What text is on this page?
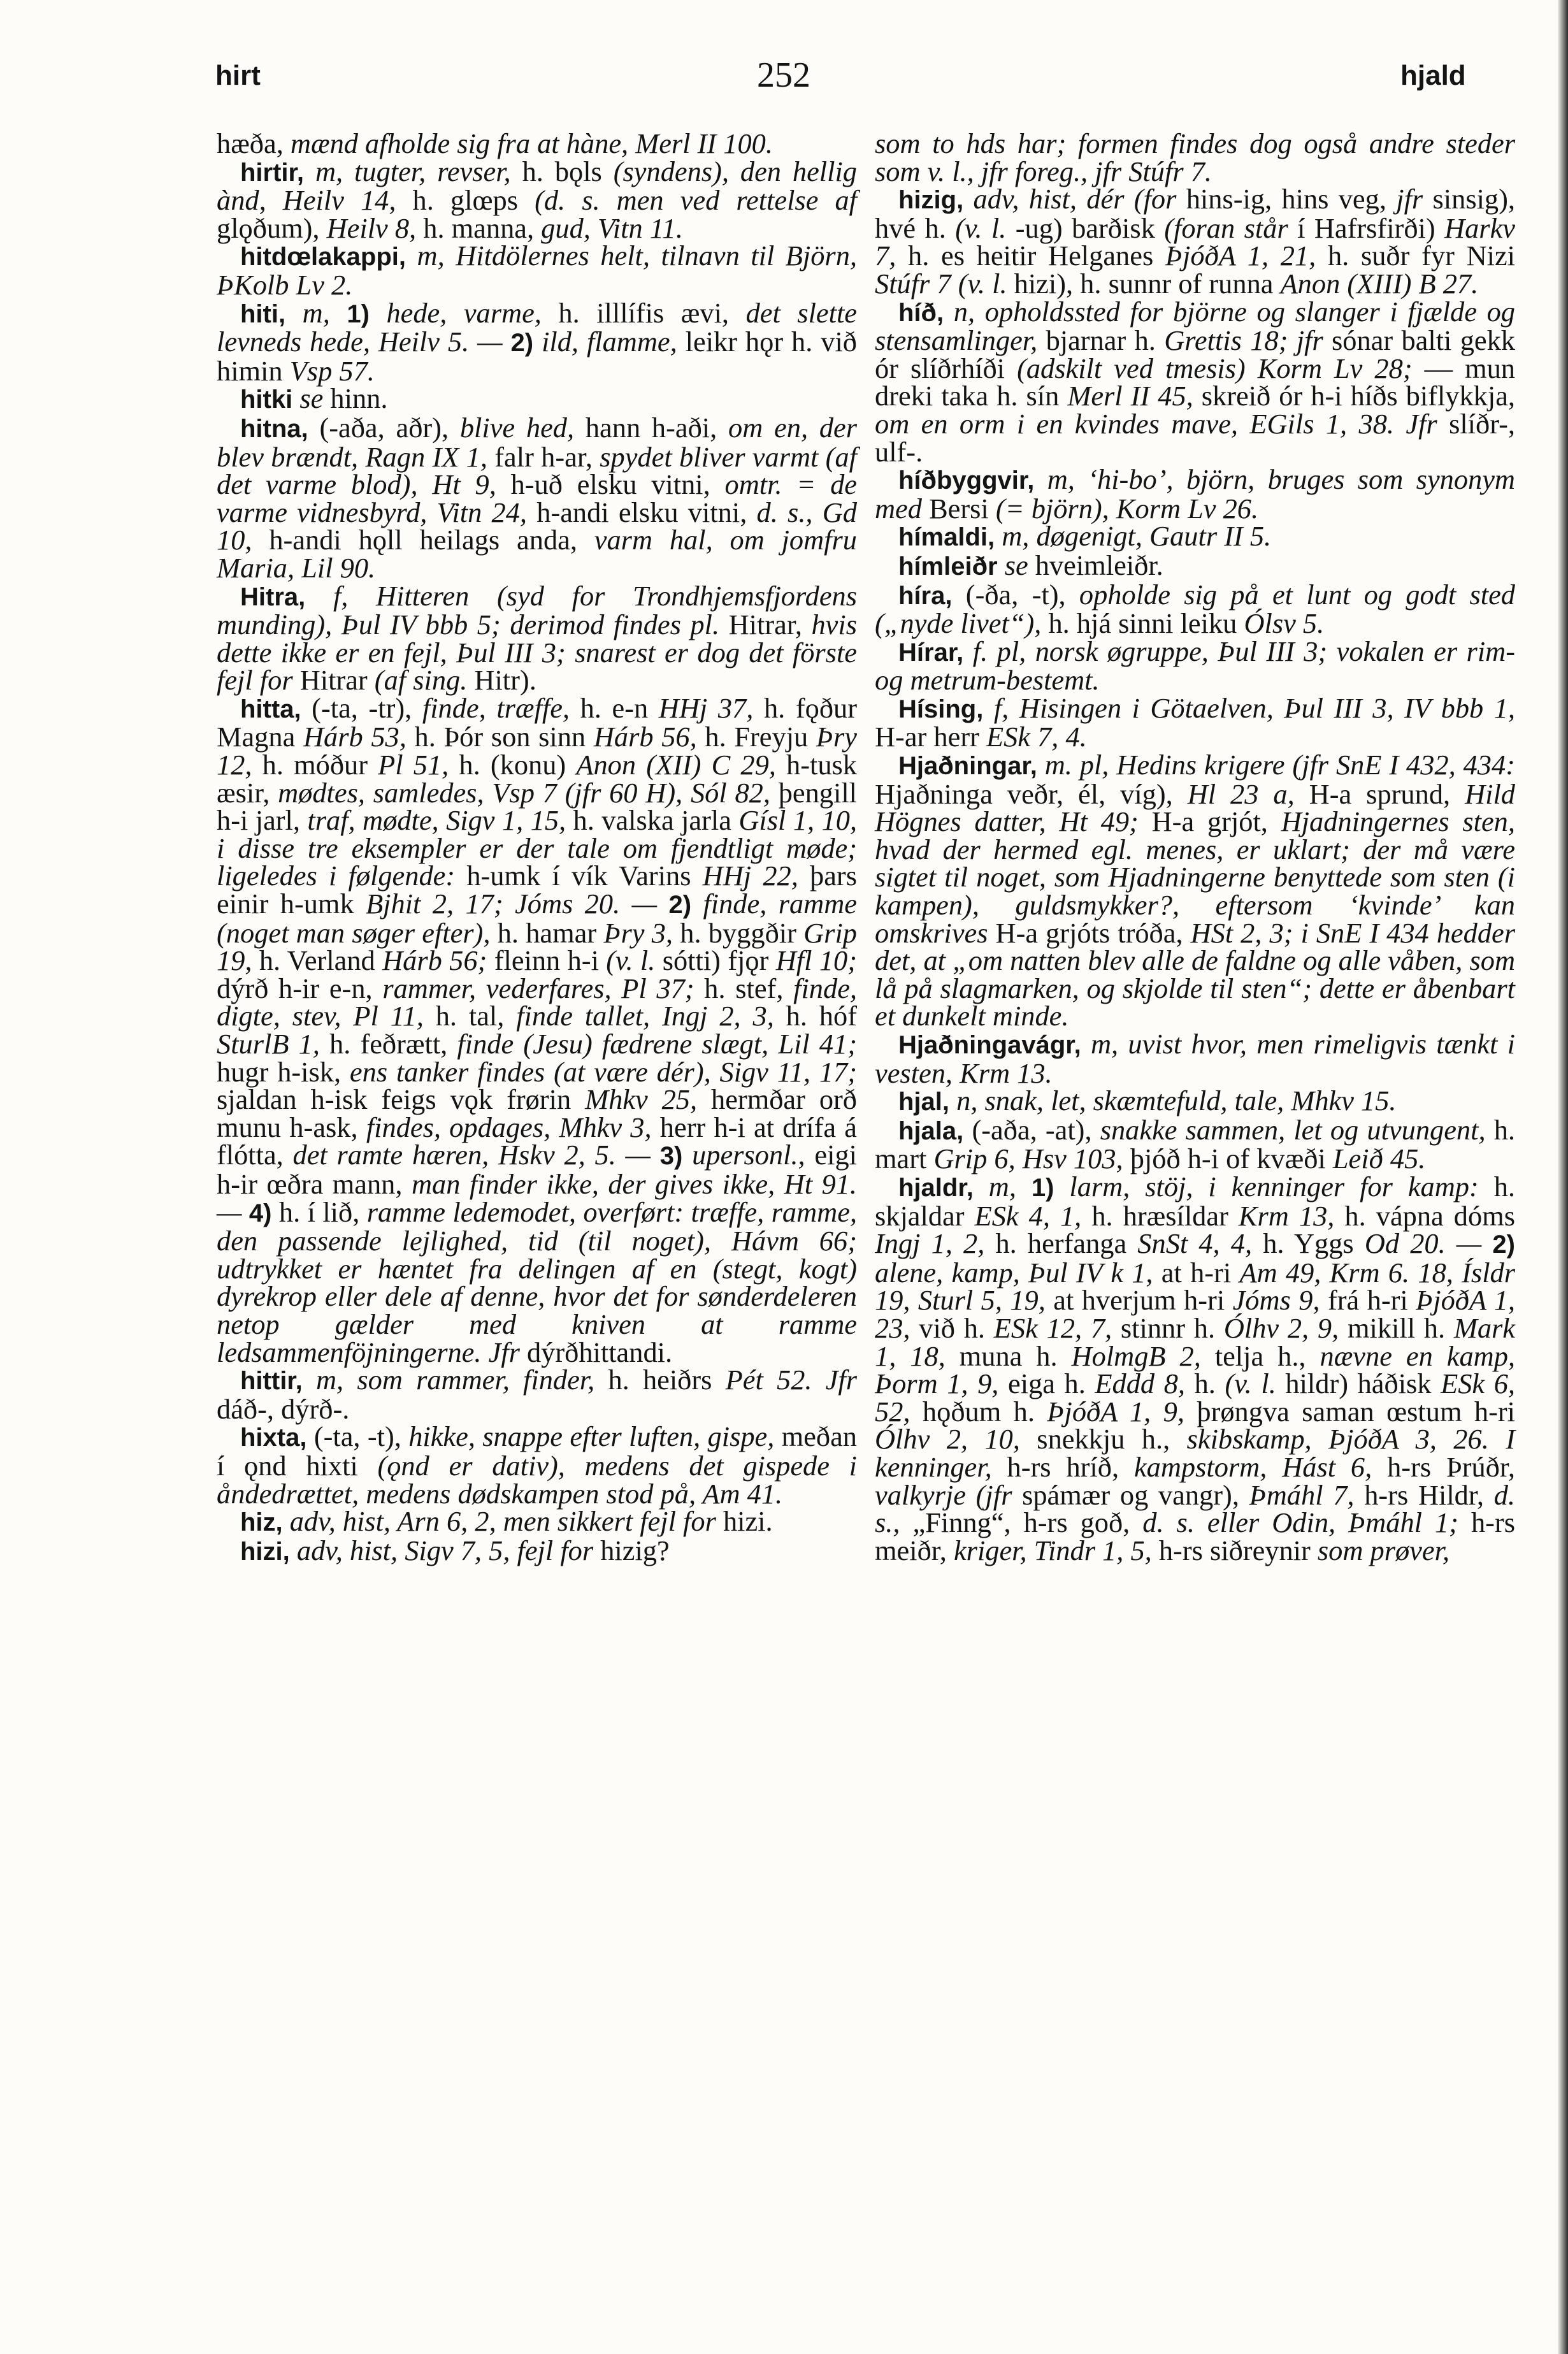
hirt	252	hjald

hæða, mænd afholde sig fra at hàne, Merl II 100.

hirtir, m, tugter, revser, h. bǫls (syndens), den hellig ànd, Heilv 14, h. glœps (d. s. men ved rettelse af glǫðum), Heilv 8, h. manna, gud, Vitn 11.

hitdœlakappi, m, Hitdölernes helt, tilnavn til Björn, ÞKolb Lv 2.

hiti, m, 1) hede, varme, h. illlífis ævi, det slette levneds hede, Heilv 5. — 2) ild, flamme, leikr hǫr h. við himin Vsp 57.

hitki se hinn.

hitna, (-aða, aðr), blive hed, hann h-aði, om en, der blev brændt, Ragn IX 1, falr h-ar, spydet bliver varmt (af det varme blod), Ht 9, h-uð elsku vitni, omtr. = de varme vidnesbyrd, Vitn 24, h-andi elsku vitni, d. s., Gd 10, h-andi hǫll heilags anda, varm hal, om jomfru Maria, Lil 90.

Hitra, f, Hitteren (syd for Trondhjemsfjordens munding), Þul IV bbb 5; derimod findes pl. Hitrar, hvis dette ikke er en fejl, Þul III 3; snarest er dog det förste fejl for Hitrar (af sing. Hitr).

hitta, (-ta, -tr), finde, træffe, h. e-n HHj 37, h. fǫður Magna Hárb 53, h. Þór son sinn Hárb 56, h. Freyju Þry 12, h. móður Pl 51, h. (konu) Anon (XII) C 29, h-tusk æsir, mødtes, samledes, Vsp 7 (jfr 60 H), Sól 82, þengill h-i jarl, traf, mødte, Sigv 1, 15, h. valska jarla Gísl 1, 10, i disse tre eksempler er der tale om fjendtligt møde; ligeledes i følgende: h-umk í vík Varins HHj 22, þars einir h-umk Bjhit 2, 17; Jóms 20. — 2) finde, ramme (noget man søger efter), h. hamar Þry 3, h. byggðir Grip 19, h. Verland Hárb 56; fleinn h-i (v. l. sótti) fjǫr Hfl 10; dýrð h-ir e-n, rammer, vederfares, Pl 37; h. stef, finde, digte, stev, Pl 11, h. tal, finde tallet, Ingj 2, 3, h. hóf SturlB 1, h. feðrætt, finde (Jesu) fædrene slægt, Lil 41; hugr h-isk, ens tanker findes (at være dér), Sigv 11, 17; sjaldan h-isk feigs vǫk frørin Mhkv 25, hermðar orð munu h-ask, findes, opdages, Mhkv 3, herr h-i at drífa á flótta, det ramte hæren, Hskv 2, 5. — 3) upersonl., eigi h-ir œðra mann, man finder ikke, der gives ikke, Ht 91. — 4) h. í lið, ramme ledemodet, overført: træffe, ramme, den passende lejlighed, tid (til noget), Hávm 66; udtrykket er hæntet fra delingen af en (stegt, kogt) dyrekrop eller dele af denne, hvor det for sønderdeleren netop gælder med kniven at ramme ledsammenföjningerne. Jfr dýrðhittandi.

hittir, m, som rammer, finder, h. heiðrs Pét 52. Jfr dáð-, dýrð-.

hixta, (-ta, -t), hikke, snappe efter luften, gispe, meðan í ǫnd hixti (ǫnd er dativ), medens det gispede i åndedrættet, medens dødskampen stod på, Am 41.

hiz, adv, hist, Arn 6, 2, men sikkert fejl for hizi.

hizi, adv, hist, Sigv 7, 5, fejl for hizig?

som to hds har; formen findes dog også andre steder som v. l., jfr foreg., jfr Stúfr 7.

hizig, adv, hist, dér (for hins-ig, hins veg, jfr sinsig), hvé h. (v. l. -ug) barðisk (foran står í Hafrsfirði) Harkv 7, h. es heitir Helganes ÞjóðA 1, 21, h. suðr fyr Nizi Stúfr 7 (v. l. hizi), h. sunnr of runna Anon (XIII) B 27.

híð, n, opholdssted for björne og slanger i fjælde og stensamlinger, bjarnar h. Grettis 18; jfr sónar balti gekk ór slíðrhíði (adskilt ved tmesis) Korm Lv 28; — mun dreki taka h. sín Merl II 45, skreið ór h-i híðs biflykkja, om en orm i en kvindes mave, EGils 1, 38. Jfr slíðr-, ulf-.

híðbyggvir, m, ‘hi-bo’, björn, bruges som synonym med Bersi (= björn), Korm Lv 26.

hímaldi, m, døgenigt, Gautr II 5.

hímleiðr se hveimleiðr.

híra, (-ða, -t), opholde sig på et lunt og godt sted („nyde livet“), h. hjá sinni leiku Ólsv 5.

Hírar, f. pl, norsk øgruppe, Þul III 3; vokalen er rim- og metrum-bestemt.

Hísing, f, Hisingen i Götaelven, Þul III 3, IV bbb 1, H-ar herr ESk 7, 4.

Hjaðningar, m. pl, Hedins krigere (jfr SnE I 432, 434: Hjaðninga veðr, él, víg), Hl 23 a, H-a sprund, Hild Högnes datter, Ht 49; H-a grjót, Hjadningernes sten, hvad der hermed egl. menes, er uklart; der må være sigtet til noget, som Hjadningerne benyttede som sten (i kampen), guldsmykker?, eftersom ‘kvinde’ kan omskrives H-a grjóts tróða, HSt 2, 3; i SnE I 434 hedder det, at „om natten blev alle de faldne og alle våben, som lå på slagmarken, og skjolde til sten“; dette er åbenbart et dunkelt minde.

Hjaðningavágr, m, uvist hvor, men rimeligvis tænkt i vesten, Krm 13.

hjal, n, snak, let, skæmtefuld, tale, Mhkv 15.

hjala, (-aða, -at), snakke sammen, let og utvungent, h. mart Grip 6, Hsv 103, þjóð h-i of kvæði Leið 45.

hjaldr, m, 1) larm, stöj, i kenninger for kamp: h. skjaldar ESk 4, 1, h. hræsíldar Krm 13, h. vápna dóms Ingj 1, 2, h. herfanga SnSt 4, 4, h. Yggs Od 20. — 2) alene, kamp, Þul IV k 1, at h-ri Am 49, Krm 6. 18, Ísldr 19, Sturl 5, 19, at hverjum h-ri Jóms 9, frá h-ri ÞjóðA 1, 23, við h. ESk 12, 7, stinnr h. Ólhv 2, 9, mikill h. Mark 1, 18, muna h. HolmgB 2, telja h., nævne en kamp, Þorm 1, 9, eiga h. Eddd 8, h. (v. l. hildr) háðisk ESk 6, 52, hǫðum h. ÞjóðA 1, 9, þrøngva saman œstum h-ri Ólhv 2, 10, snekkju h., skibskamp, ÞjóðA 3, 26. I kenninger, h-rs hríð, kampstorm, Hást 6, h-rs Þrúðr, valkyrje (jfr spámær og vangr), Þmáhl 7, h-rs Hildr, d. s., „Finng“, h-rs goð, d. s. eller Odin, Þmáhl 1; h-rs meiðr, kriger, Tindr 1, 5, h-rs siðreynir som prøver,
